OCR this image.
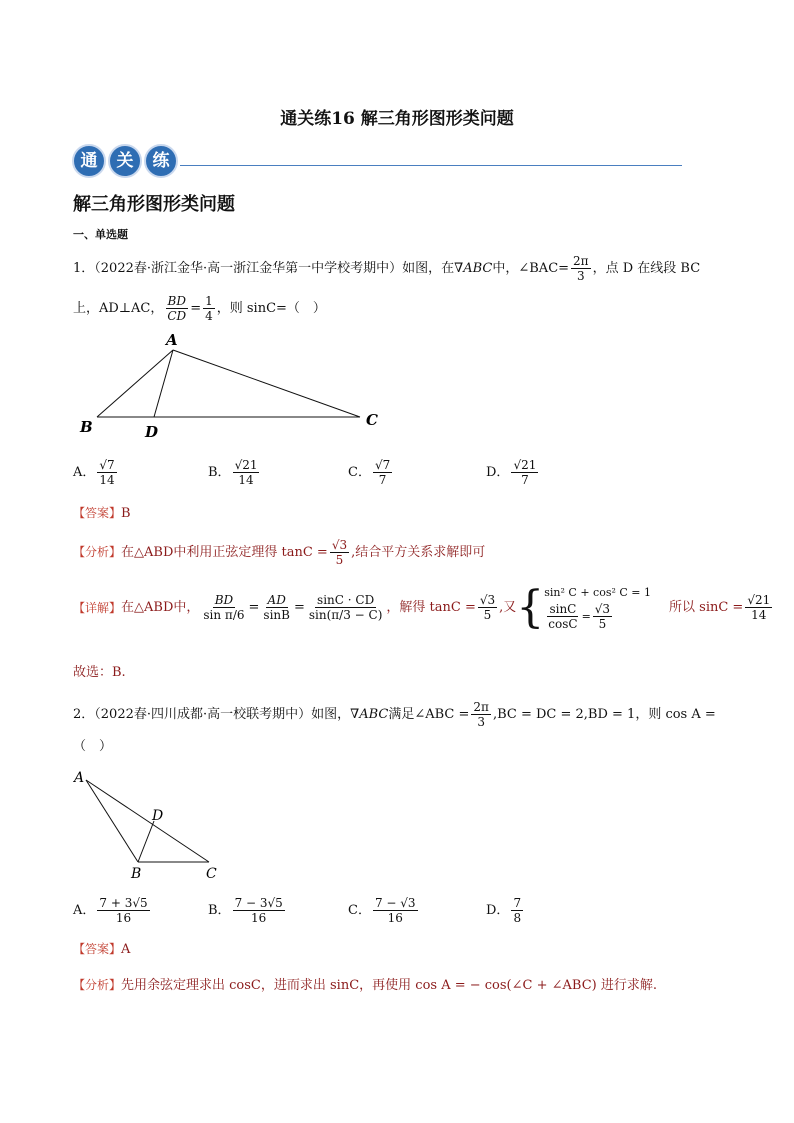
通关练16 解三角形图形类问题
通	关	练
解三角形图形类问题
一、单选题
1．（2022春·浙江金华·高一浙江金华第一中学校考期中）如图，在∇ABC中，∠BAC= $\frac{2\pi}{3}$ ，点 D 在线段 BC
上，AD⊥AC， $\frac{BD}{CD} = \frac{1}{4}$ ，则 sinC=（　）
A
B	D
C
A． $\frac{√7}{14}$	B． $\frac{√21}{14}$	C． $\frac{√7}{7}$	D． $\frac{√21}{7}$
【答案】B
【分析】在△ABD中利用正弦定理得 $\tan C = \frac{√3}{5}$ ,结合平方关系求解即可
【详解】 在△ABD中， $\frac{BD}{\text{sin π/6}} = \frac{AD}{\sin B} = \frac{\sin C \cdot CD}{\sin(\pi/3 - C)}$ ，解得 $\tan C = \frac{√3}{5}$ ,又 { sin² C + cos² C = 1
$\frac{\sin C}{\cos C} = \frac{√3}{5}$	所以 $\sin C = \frac{√21}{14}$
故选：B.
2．（2022春·四川成都·高一校联考期中）如图，∇ABC满足∠ABC = $\frac{2\pi}{3} ,BC$ = DC = 2,BD = 1，则 cos A =
（　）
A
D
B	C
A． $\frac{7 + 3√5}{16}$	B． $\frac{7 - 3√5}{16}$	C． $\frac{7 - √3}{16}$	D． $\frac{7}{8}$
【答案】A
【分析】先用余弦定理求出 cosC，进而求出 sinC，再使用 cos A = − cos(∠C + ∠ABC) 进行求解.
